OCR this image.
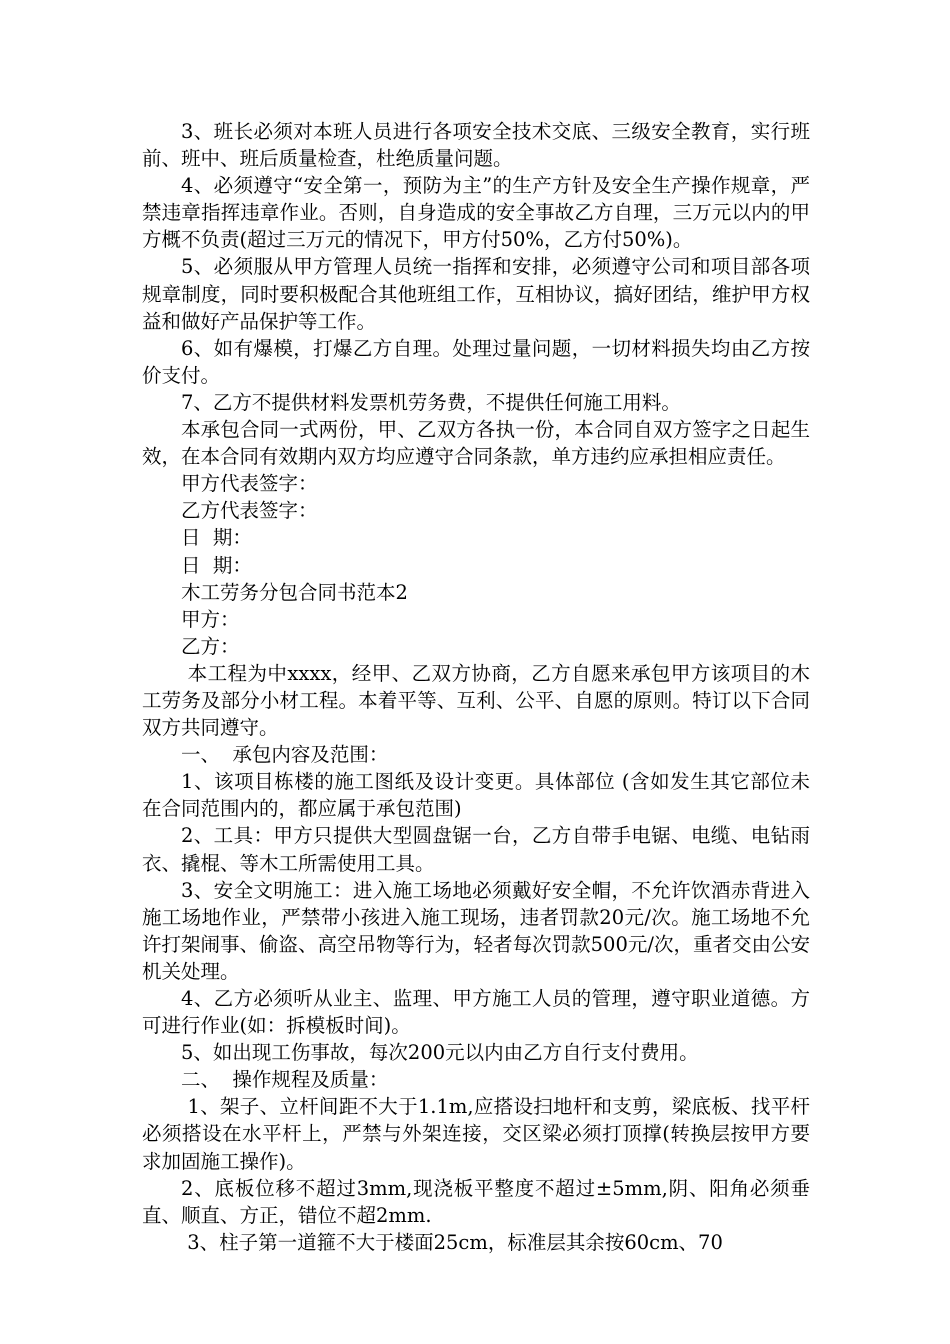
3、班长必须对本班人员进行各项安全技术交底、三级安全教育，实行班前、班中、班后质量检查，杜绝质量问题。

4、必须遵守“安全第一，预防为主”的生产方针及安全生产操作规章，严禁违章指挥违章作业。否则，自身造成的安全事故乙方自理，三万元以内的甲方概不负责(超过三万元的情况下，甲方付50%，乙方付50%)。

5、必须服从甲方管理人员统一指挥和安排，必须遵守公司和项目部各项规章制度，同时要积极配合其他班组工作，互相协议，搞好团结，维护甲方权益和做好产品保护等工作。

6、如有爆模，打爆乙方自理。处理过量问题，一切材料损失均由乙方按价支付。

7、乙方不提供材料发票机劳务费，不提供任何施工用料。

本承包合同一式两份，甲、乙双方各执一份，本合同自双方签字之日起生效，在本合同有效期内双方均应遵守合同条款，单方违约应承担相应责任。

甲方代表签字：

乙方代表签字：

日  期：

日  期：

木工劳务分包合同书范本2

甲方：

乙方：

本工程为中xxxx，经甲、乙双方协商，乙方自愿来承包甲方该项目的木工劳务及部分小材工程。本着平等、互利、公平、自愿的原则。特订以下合同双方共同遵守。

一、  承包内容及范围：

1、该项目栋楼的施工图纸及设计变更。具体部位 (含如发生其它部位未在合同范围内的，都应属于承包范围)

2、工具：甲方只提供大型圆盘锯一台，乙方自带手电锯、电缆、电钻雨衣、撬棍、等木工所需使用工具。

3、安全文明施工：进入施工场地必须戴好安全帽，不允许饮酒赤背进入施工场地作业，严禁带小孩进入施工现场，违者罚款20元/次。施工场地不允许打架闹事、偷盗、高空吊物等行为，轻者每次罚款500元/次，重者交由公安机关处理。

4、乙方必须听从业主、监理、甲方施工人员的管理，遵守职业道德。方可进行作业(如：拆模板时间)。

5、如出现工伤事故，每次200元以内由乙方自行支付费用。

二、  操作规程及质量：

1、架子、立杆间距不大于1.1m,应搭设扫地杆和支剪，梁底板、找平杆必须搭设在水平杆上，严禁与外架连接，交区梁必须打顶撑(转换层按甲方要求加固施工操作)。

2、底板位移不超过3mm,现浇板平整度不超过±5mm,阴、阳角必须垂直、顺直、方正，错位不超2mm.

3、柱子第一道箍不大于楼面25cm，标准层其余按60cm、70
